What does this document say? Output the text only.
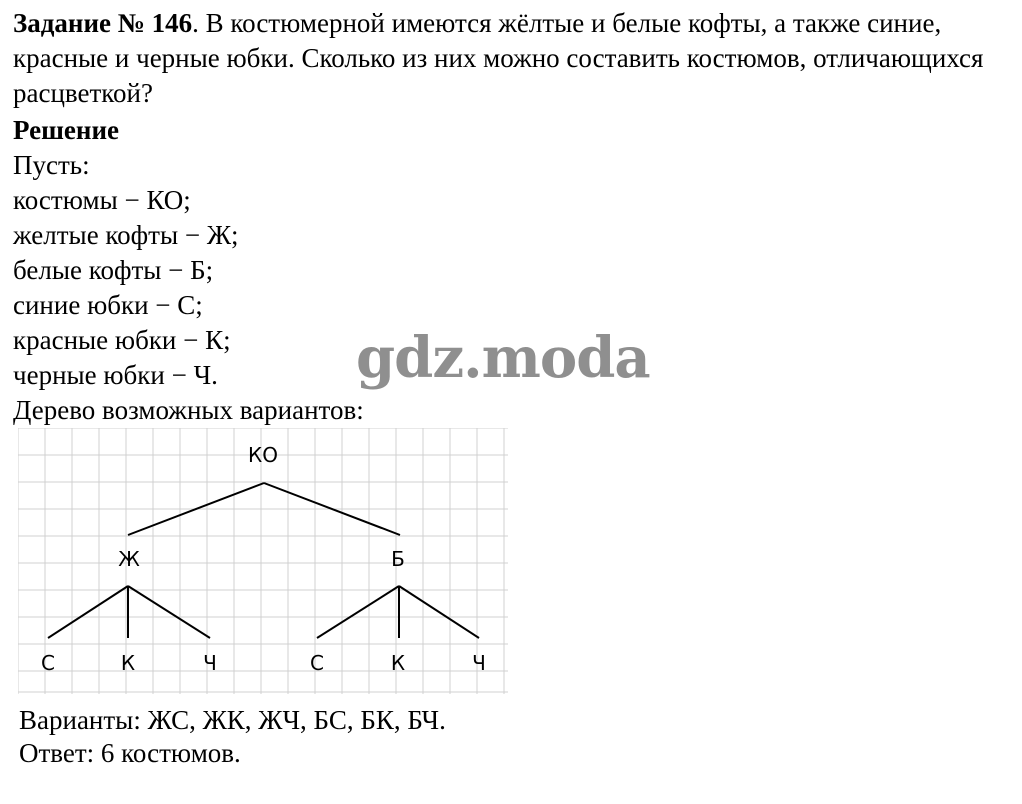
Задание № 146. В костюмерной имеются жёлтые и белые кофты, а также синие, красные и черные юбки. Сколько из них можно составить костюмов, отличающихся расцветкой?
Решение
Пусть:
костюмы − КО;
желтые кофты − Ж;
белые кофты − Б;
синие юбки − С;
красные юбки − К;
черные юбки − Ч.
Дерево возможных вариантов:
gdz.moda
КО
Ж	Б
С	К	Ч	С	К	Ч
Варианты: ЖС, ЖК, ЖЧ, БС, БК, БЧ.
Ответ: 6 костюмов.
